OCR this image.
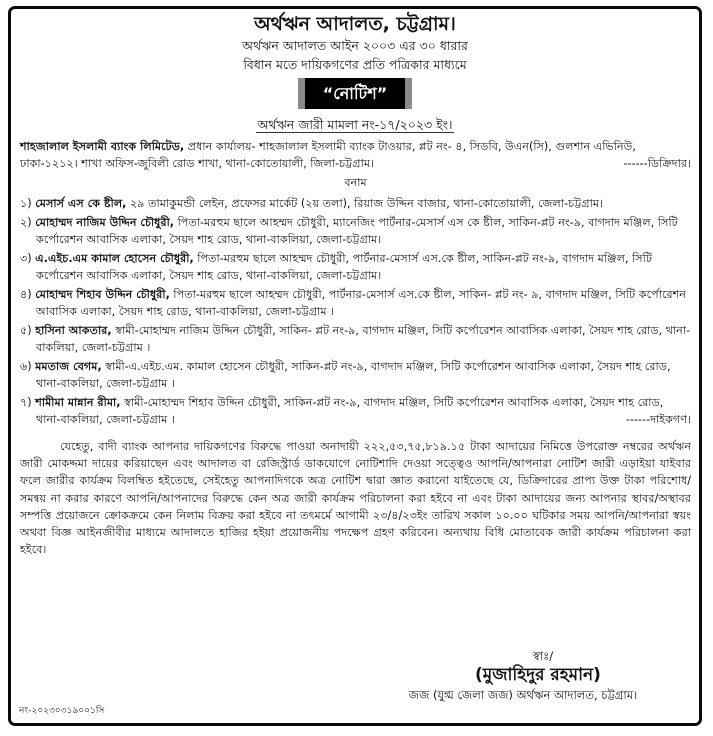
অর্থঋন আদালত, চট্টগ্রাম।
অর্থঋন আদালত আইন ২০০৩ এর ৩০ ধারার
বিধান মতে দায়িকগণের প্রতি পত্রিকার মাধ্যমে
“নোটিশ”
অর্থঋন জারী মামলা নং-১৭/২০২৩ ইং।
শাহজালাল ইসলামী ব্যাংক লিমিটেড, প্রধান কার্যালয়- শাহজালাল ইসলামী ব্যাংক টাওয়ার, প্লট নং- ৪, সিডবি, উএন(সি), গুলশান এভিনিউ, ঢাকা-১২১২। শাখা অফিস-জুবিলী রোড শাখা, থানা-কোতোয়ালী, জিলা-চট্টগ্রাম।	------ডিক্রিদার।
বনাম
১) মেসার্স এস কে ষ্টীল, ২৯ তামাকুমন্ডী লেইন, প্রফেসর মার্কেট (২য় তলা), রিয়াজ উদ্দিন বাজার, থানা-কোতোয়ালী, জেলা-চট্টগ্রাম।
২) মোহাম্মদ নাজিম উদ্দিন চৌধুরী, পিতা-মরহুম ছালে আহম্মদ চৌধুরী, ম্যানেজিং পার্টনার-মেসার্স এস কে ষ্টীল, সাকিন-প্লট নং-৯, বাগদাদ মঞ্জিল, সিটি কর্পোরেশন আবাসিক এলাকা, সৈয়দ শাহ রোড, থানা-বাকলিয়া, জেলা-চট্টগ্রাম।
৩) এ.এইচ.এম কামাল হোসেন চৌধুরী, পিতা-মরহুম ছালে আহম্মদ চৌধুরী, পার্টনার-মেসার্স এস.কে ষ্টীল, সাকিন-প্লট নং-৯, বাগদাদ মঞ্জিল, সিটি কর্পোরেশন আবাসিক এলাকা, সৈয়দ শাহ রোড, থানা-বাকলিয়া, জেলা-চট্টগ্রাম।
৪) মোহাম্মদ শিহাব উদ্দিন চৌধুরী, পিতা-মরহুম ছালে আহম্মদ চৌধুরী, পার্টনার-মেসার্স এস.কে ষ্টীল, সাকিন- প্লট নং- ৯, বাগদাদ মঞ্জিল, সিটি কর্পোরেশন আবাসিক এলাকা, সৈয়দ শাহ রোড, থানা-বাকলিয়া, জেলা-চট্টগ্রাম ।
৫) হাসিনা আকতার, স্বামী-মোহাম্মদ নাজিম উদ্দিন চৌধুরী, সাকিন- প্লট নং-৯, বাগদাদ মঞ্জিল, সিটি কর্পোরেশন আবাসিক এলাকা, সৈয়দ শাহ রোড, থানা-বাকলিয়া, জেলা-চট্টগ্রাম ।
৬) মমতাজ বেগম, স্বামী-এ.এইচ.এম. কামাল হোসেন চৌধুরী, সাকিন-প্লট নং-৯, বাগদাদ মঞ্জিল, সিটি কর্পোরেশন আবাসিক এলাকা, সৈয়দ শাহ রোড, থানা-বাকলিয়া, জেলা-চট্টগ্রাম ।
৭) শামীমা মান্নান রীমা, স্বামী-মোহাম্মদ শিহাব উদ্দিন চৌধুরী, সাকিন-প্লট নং-৯, বাগদাদ মঞ্জিল, সিটি কর্পোরেশন আবাসিক এলাকা, সৈয়দ শাহ রোড, থানা-বাকলিয়া, জেলা-চট্টগ্রাম ।	------দাইকগণ।
যেহেতু, বাদী ব্যাংক আপনার দায়িকগণের বিরুদ্ধে পাওয়া অনাদায়ী ২২২,৫৩,৭৫,৮১৯.১৫ টাকা আদায়ের নিমিত্তে উপরোক্ত নম্বরের অর্থঋন জারী মোকদ্দমা দায়ের করিয়াছেন এবং আদালত বা রেজিস্ট্রার্ড ডাকযোগে নোটিশাদি দেওয়া সত্ত্বেও আপনি/আপনারা নোটিশ জারী এড়াইয়া যাইবার ফলে জারীর কার্যক্রম বিলম্বিত হইতেছে, সেইহেতু আপনাদিগকে অত্র নোটিশ দ্বারা জ্ঞাত করানো যাইতেছে যে, ডিক্রিদারের প্রাপ্য উক্ত টাকা পরিশোধ/সমন্বয় না করার কারণে আপনি/আপনাদের বিরুদ্ধে কেন অত্র জারী কার্যক্রম পরিচালনা করা হইবে না এবং টাকা আদায়ের জন্য আপনার স্থাবর/অস্থাবর সম্পত্তি প্রয়োজনে ক্রোকক্রমে কেন নিলাম বিক্রয় করা হইবে না তৎমর্মে আগামী ২৩/৪/২৩ইং তারিখ সকাল ১০.০০ ঘটিকার সময় আপনি/আপনারা স্বয়ং অথবা বিজ্ঞ আইনজীবীর মাধ্যমে আদালতে হাজির হইয়া প্রয়োজনীয় পদক্ষেপ গ্রহণ করিবেন। অন্যথায় বিধি মোতাবেক জারী কার্যক্রম পরিচালনা করা হইবে।
স্বাঃ/
(মুজাহিদুর রহমান)
জজ (যুগ্ম জেলা জজ) অর্থঋন আদালত, চট্টগ্রাম।
নং-২০২৩০৩১৯০০১সি
